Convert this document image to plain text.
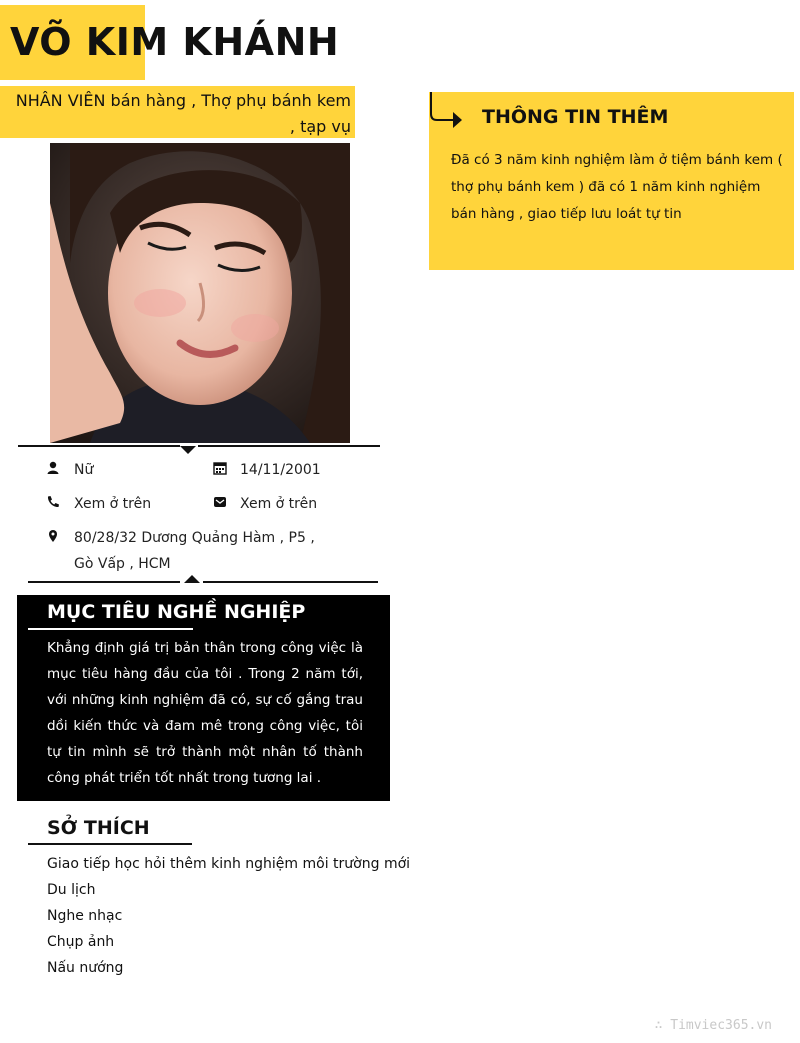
VÕ KIM KHÁNH
NHÂN VIÊN bán hàng , Thợ phụ bánh kem , tạp vụ
Nữ	14/11/2001
Xem ở trên	Xem ở trên
80/28/32 Dương Quảng Hàm , P5 , Gò Vấp , HCM
MỤC TIÊU NGHỀ NGHIỆP
Khẳng định giá trị bản thân trong công việc là mục tiêu hàng đầu của tôi . Trong 2 năm tới, với những kinh nghiệm đã có, sự cố gắng trau dồi kiến thức và đam mê trong công việc, tôi tự tin mình sẽ trở thành một nhân tố thành công phát triển tốt nhất trong tương lai .
SỞ THÍCH
Giao tiếp học hỏi thêm kinh nghiệm môi trường mới
Du lịch
Nghe nhạc
Chụp ảnh
Nấu nướng
THÔNG TIN THÊM
Đã có 3 năm kinh nghiệm làm ở tiệm bánh kem ( thợ phụ bánh kem ) đã có 1 năm kinh nghiệm bán hàng , giao tiếp lưu loát tự tin
∴ Timviec365.vn
